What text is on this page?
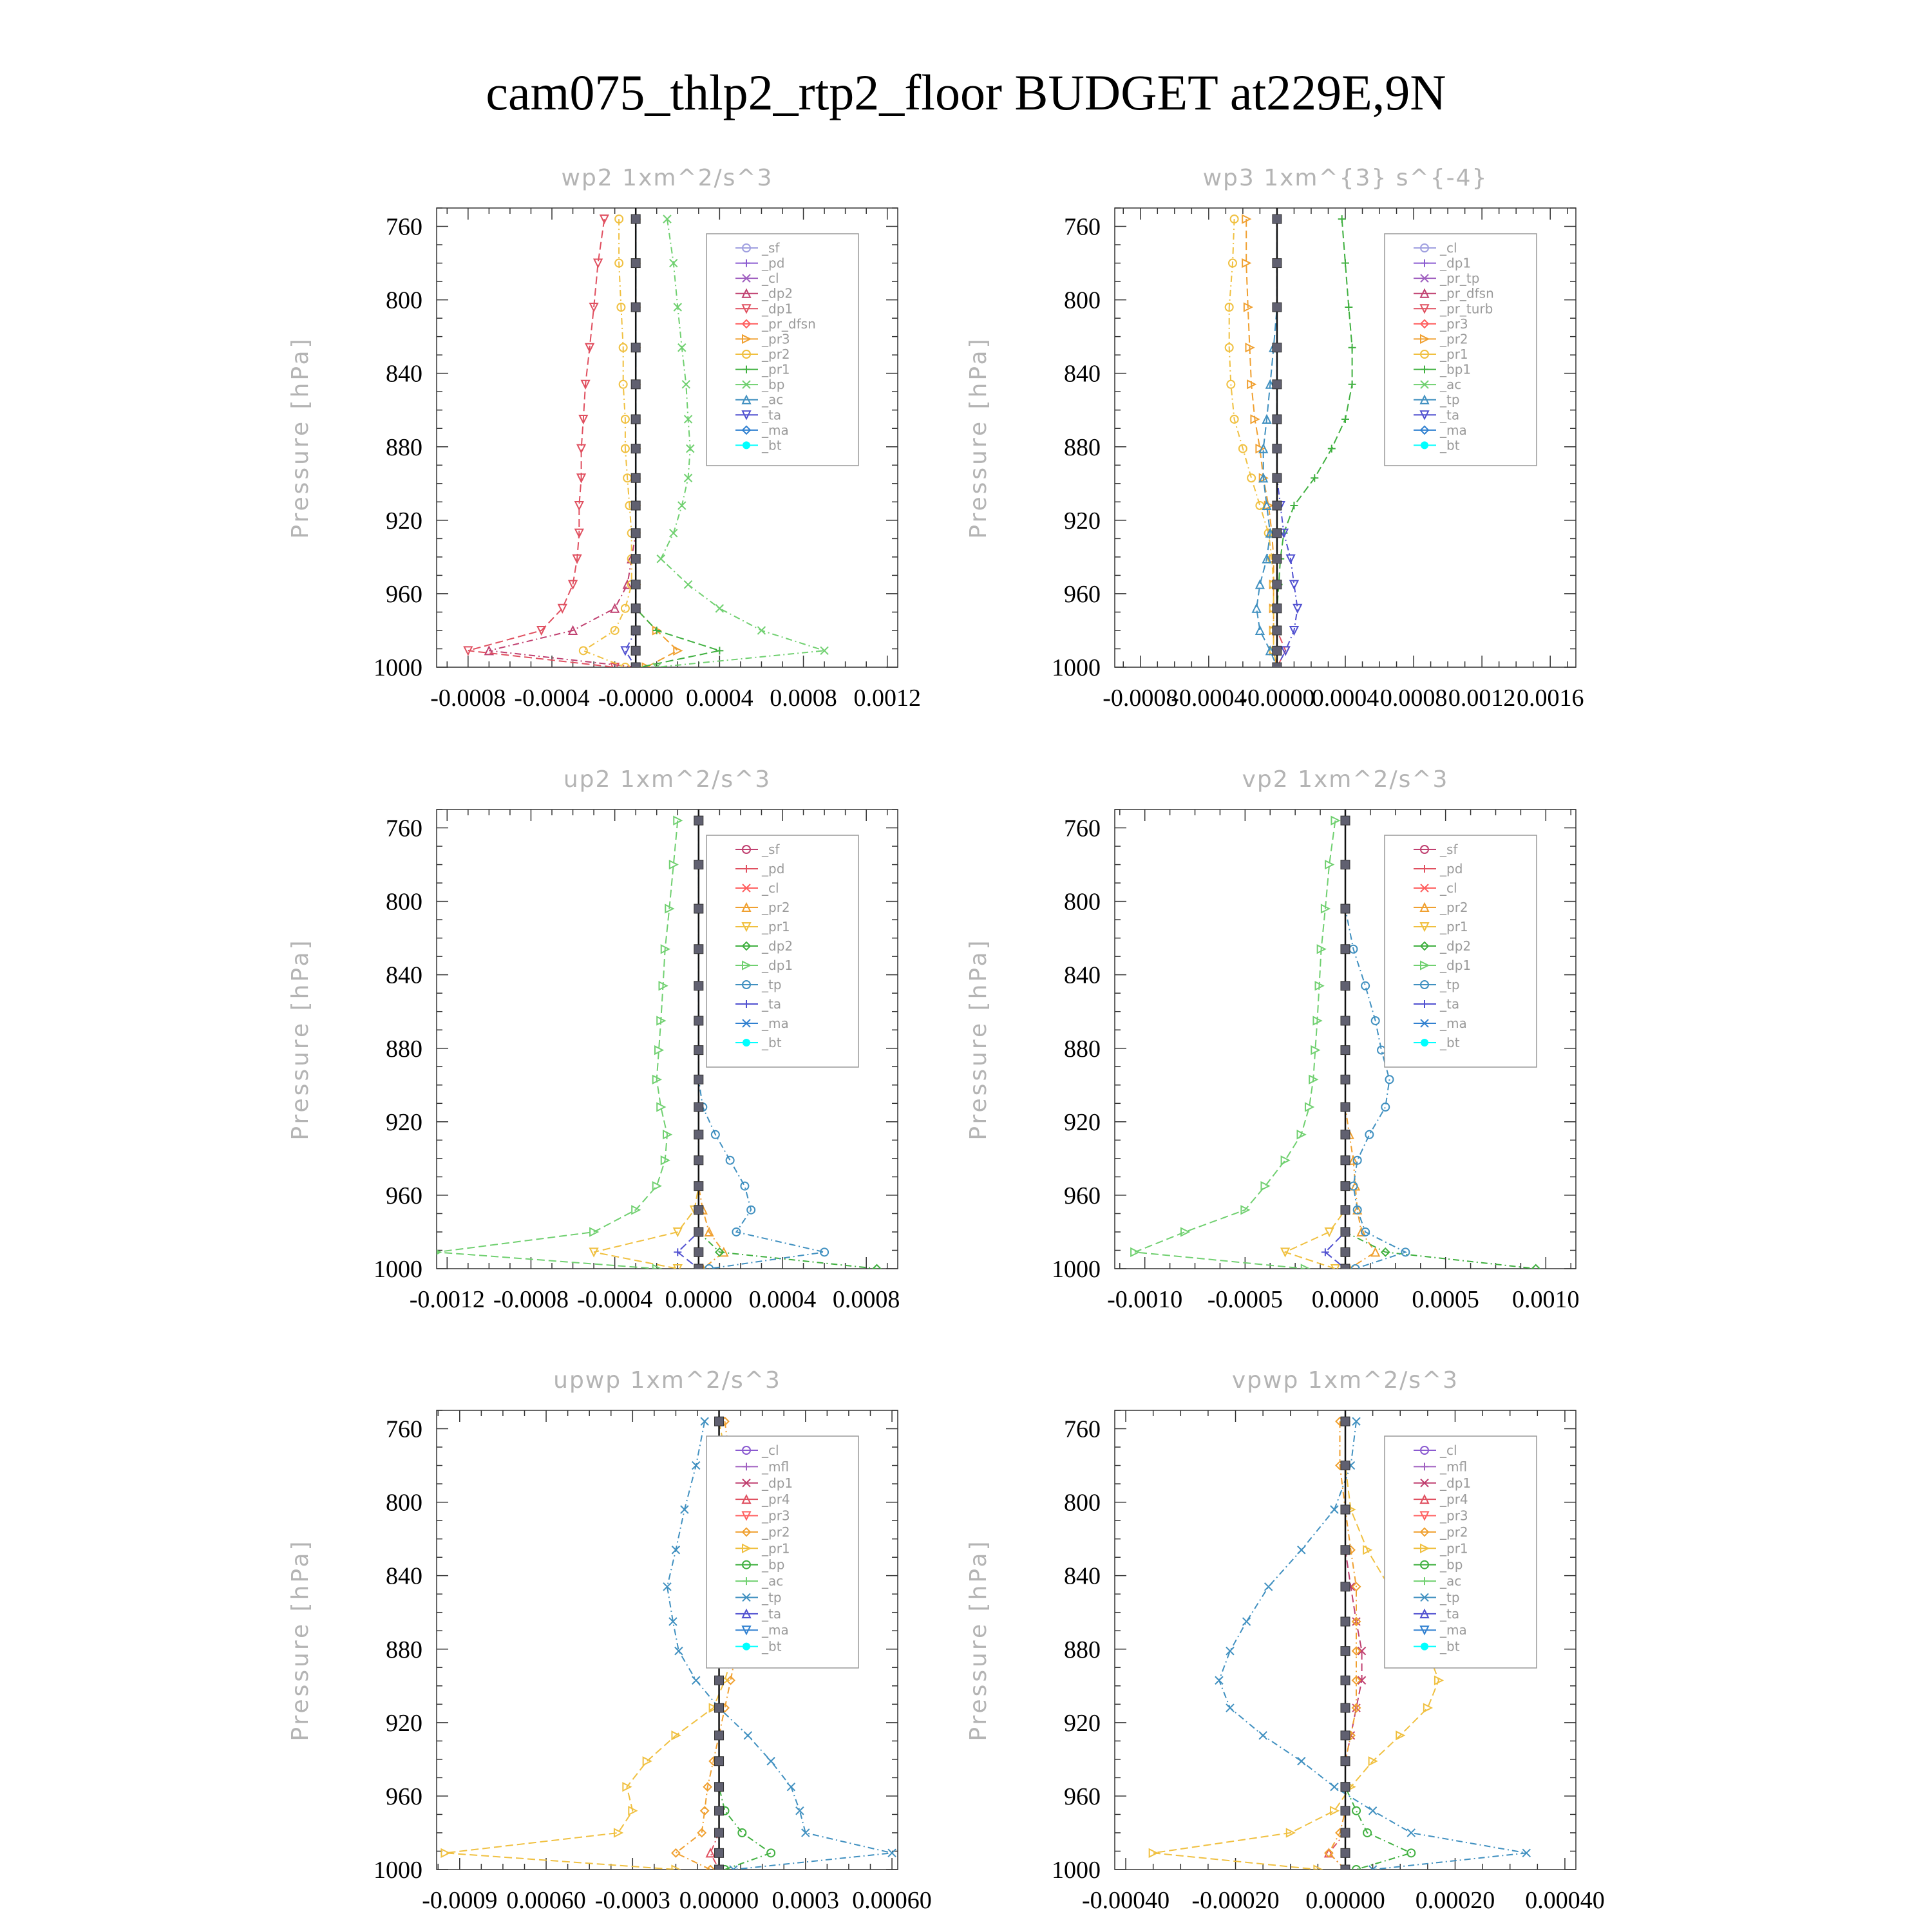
cam075_thlp2_rtp2_floor BUDGET at229E,9N
wp2 1xm^2/s^3
Pressure [hPa]
760
800
840
880
920
960
1000
-0.0008 -0.0004 -0.0000 0.0004 0.0008 0.0012
_sf
_pd
_cl
_dp2
_dp1
_pr_dfsn
_pr3
_pr2
_pr1
_bp
_ac
_ta
_ma
_bt
wp3 1xm^{3} s^{-4}
Pressure [hPa]
760
800
840
880
920
960
1000
-0.0008
-0.0004
-0.0000
0.0004 0.0008 0.0012 0.0016
_cl
_dp1
_pr_tp
_pr_dfsn
_pr_turb
_pr3
_pr2
_pr1
_bp1
_ac
_tp
_ta
_ma
_bt
up2 1xm^2/s^3
Pressure [hPa]
760
800
840
880
920
960
1000
-0.0012 -0.0008 -0.0004 0.0000 0.0004 0.0008
_sf
_pd
_cl
_pr2
_pr1
_dp2
_dp1
_tp
_ta
_ma
_bt
vp2 1xm^2/s^3
Pressure [hPa]
760
800
840
880
920
960
1000
-0.0010 -0.0005 0.0000 0.0005 0.0010
_sf
_pd
_cl
_pr2
_pr1
_dp2
_dp1
_tp
_ta
_ma
_bt
upwp 1xm^2/s^3
Pressure [hPa]
760
800
840
880
920
960
1000
-0.0009 0.00060 -0.0003 0.00000 0.0003 0.00060
_cl
_mfl
_dp1
_pr4
_pr3
_pr2
_pr1
_bp
_ac
_tp
_ta
_ma
_bt
vpwp 1xm^2/s^3
Pressure [hPa]
760
800
840
880
920
960
1000
-0.00040 -0.00020 0.00000 0.00020 0.00040
_cl
_mfl
_dp1
_pr4
_pr3
_pr2
_pr1
_bp
_ac
_tp
_ta
_ma
_bt
